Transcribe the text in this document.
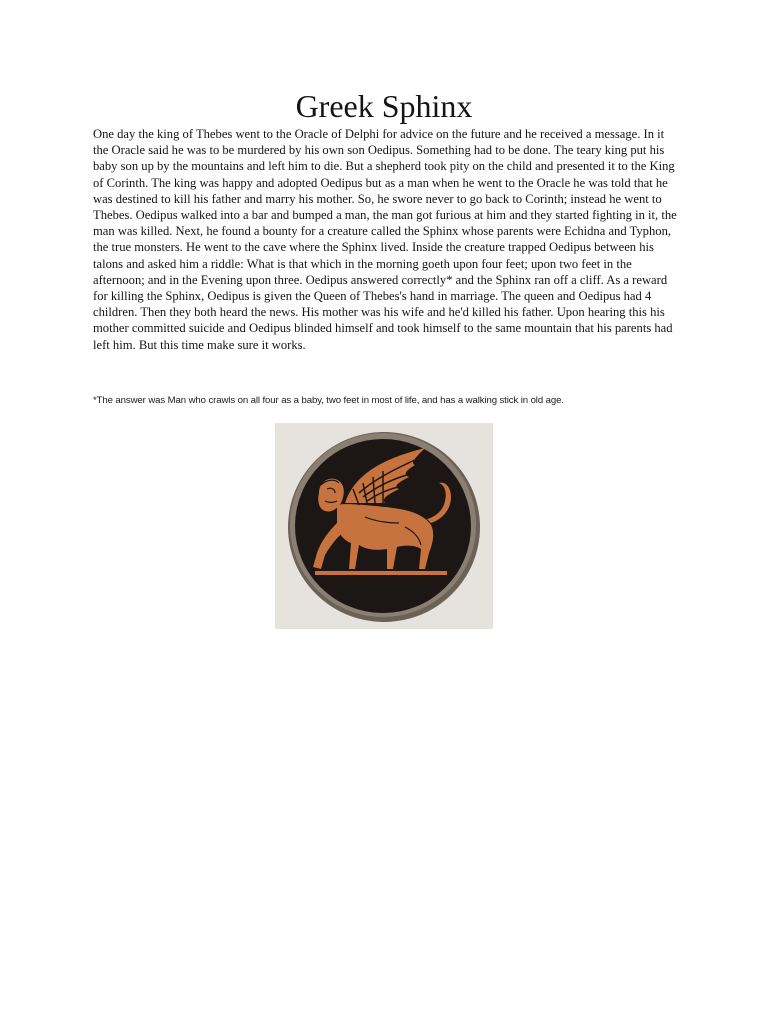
Greek Sphinx

One day the king of Thebes went to the Oracle of Delphi for advice on the future and he received a message. In it the Oracle said he was to be murdered by his own son Oedipus. Something had to be done. The teary king put his baby son up by the mountains and left him to die. But a shepherd took pity on the child and presented it to the King of Corinth. The king was happy and adopted Oedipus but as a man when he went to the Oracle he was told that he was destined to kill his father and marry his mother. So, he swore never to go back to Corinth; instead he went to Thebes. Oedipus walked into a bar and bumped a man, the man got furious at him and they started fighting in it, the man was killed. Next, he found a bounty for a creature called the Sphinx whose parents were Echidna and Typhon, the true monsters. He went to the cave where the Sphinx lived. Inside the creature trapped Oedipus between his talons and asked him a riddle: What is that which in the morning goeth upon four feet; upon two feet in the afternoon; and in the Evening upon three. Oedipus answered correctly* and the Sphinx ran off a cliff. As a reward for killing the Sphinx, Oedipus is given the Queen of Thebes's hand in marriage. The queen and Oedipus had 4 children. Then they both heard the news. His mother was his wife and he'd killed his father. Upon hearing this his mother committed suicide and Oedipus blinded himself and took himself to the same mountain that his parents had left him. But this time make sure it works.

*The answer was Man who crawls on all four as a baby, two feet in most of life, and has a walking stick in old age.
